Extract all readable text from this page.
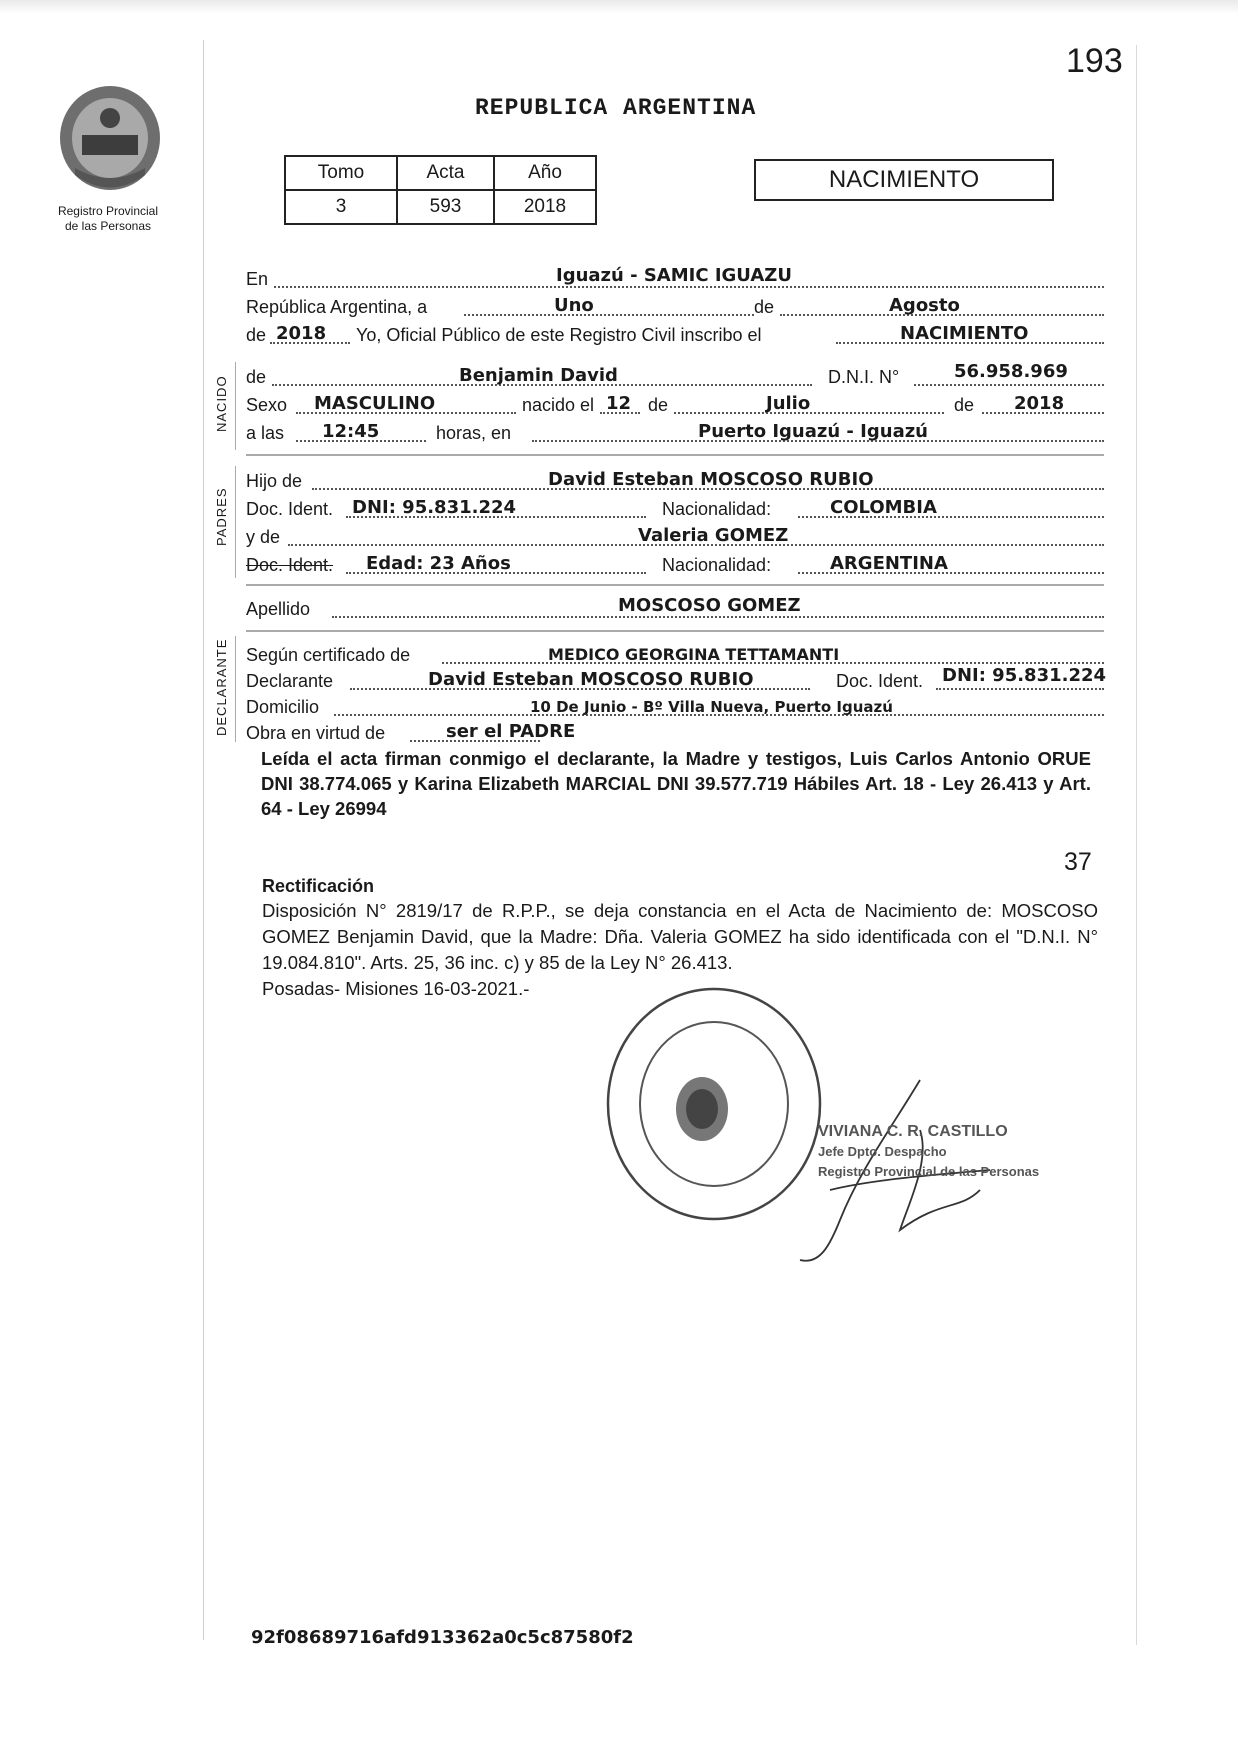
193
Registro Provincial
de las Personas
REPUBLICA ARGENTINA
Tomo	Acta	Año
3	593	2018
NACIMIENTO
En	Iguazú - SAMIC IGUAZU
República Argentina, a	Uno	de	Agosto
de 2018 Yo, Oficial Público de este Registro Civil inscribo el	NACIMIENTO
de	Benjamin David	D.N.I. N°	56.958.969
Sexo MASCULINO	nacido el 12 de	Julio	de 2018
a las 12:45	horas, en	Puerto Iguazú - Iguazú
Hijo de	David Esteban MOSCOSO RUBIO
Doc. Ident. DNI: 95.831.224	Nacionalidad:	COLOMBIA
y de	Valeria GOMEZ
Doc. Ident. Edad: 23 Años	Nacionalidad:	ARGENTINA
Apellido	MOSCOSO GOMEZ
Según certificado de	MEDICO GEORGINA TETTAMANTI
Declarante	David Esteban MOSCOSO RUBIO	Doc. Ident. DNI: 95.831.224
Domicilio	10 De Junio - Bº Villa Nueva, Puerto Iguazú
Obra en virtud de	ser el PADRE
NACIDO
PADRES
DECLARANTE
Leída el acta firman conmigo el declarante, la Madre y testigos, Luis Carlos Antonio ORUE DNI 38.774.065 y Karina Elizabeth MARCIAL DNI 39.577.719 Hábiles Art. 18 - Ley 26.413 y Art. 64 - Ley 26994
37
Rectificación
Disposición N° 2819/17 de R.P.P., se deja constancia en el Acta de Nacimiento de: MOSCOSO GOMEZ Benjamin David, que la Madre: Dña. Valeria GOMEZ ha sido identificada con el "D.N.I. N° 19.084.810". Arts. 25, 36 inc. c) y 85 de la Ley N° 26.413.
Posadas- Misiones 16-03-2021.-
VIVIANA C. R. CASTILLO
Jefe Dpto. Despacho
Registro Provincial de las Personas
92f08689716afd913362a0c5c87580f2
